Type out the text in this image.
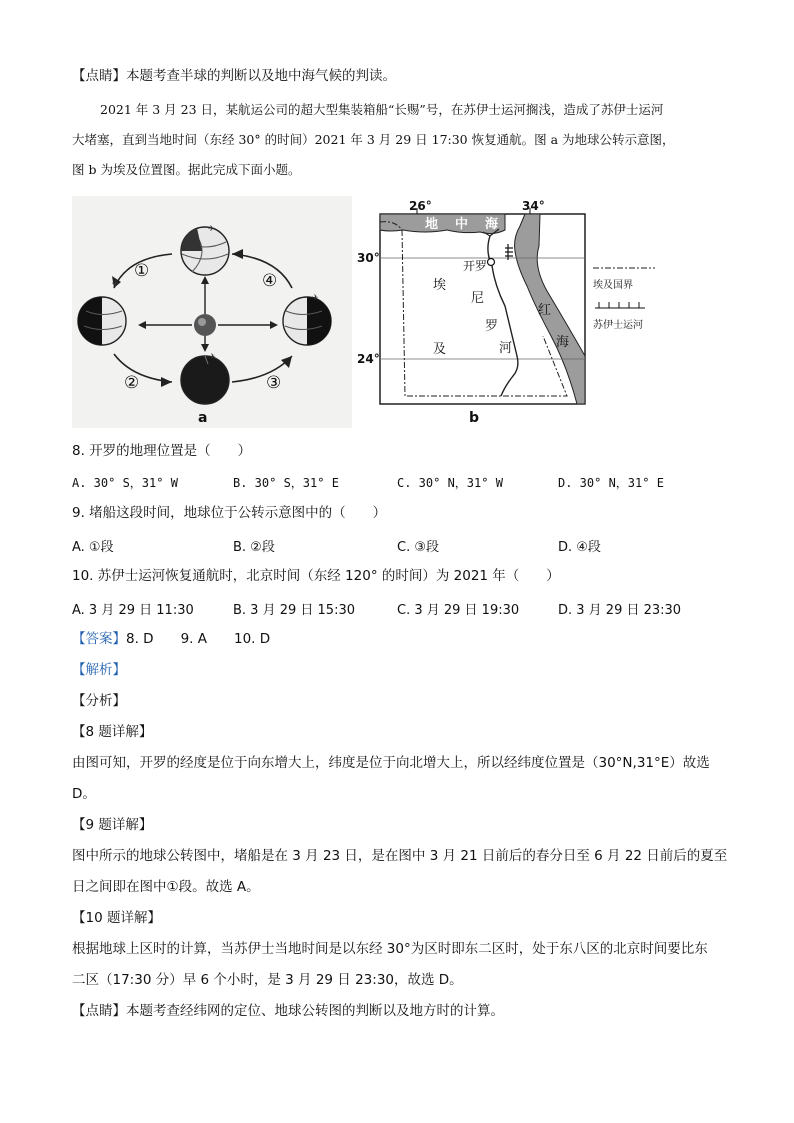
【点睛】本题考查半球的判断以及地中海气候的判读。
2021 年 3 月 23 日，某航运公司的超大型集装箱船“长赐”号，在苏伊士运河搁浅，造成了苏伊士运河
大堵塞，直到当地时间（东经 30° 的时间）2021 年 3 月 29 日 17:30 恢复通航。图 a 为地球公转示意图，
图 b 为埃及位置图。据此完成下面小题。
✈
✈
✈
✈
①
②	③
④
a
26°	34°
30°
24°
地 中 海
开罗
埃
及
尼
罗
河
红
海
b
埃及国界
苏伊士运河
8. 开罗的地理位置是（　　）
A. 30° S，31° W	B. 30° S，31° E	C. 30° N，31° W	D. 30° N，31° E
9. 堵船这段时间，地球位于公转示意图中的（　　）
A. ①段	B. ②段	C. ③段	D. ④段
10. 苏伊士运河恢复通航时，北京时间（东经 120° 的时间）为 2021 年（　　）
A. 3 月 29 日 11:30	B. 3 月 29 日 15:30	C. 3 月 29 日 19:30	D. 3 月 29 日 23:30
【答案】8. D　　9. A　　10. D
【解析】
【分析】
【8 题详解】
由图可知，开罗的经度是位于向东增大上，纬度是位于向北增大上，所以经纬度位置是（30°N,31°E）故选
D。
【9 题详解】
图中所示的地球公转图中，堵船是在 3 月 23 日，是在图中 3 月 21 日前后的春分日至 6 月 22 日前后的夏至
日之间即在图中①段。故选 A。
【10 题详解】
根据地球上区时的计算，当苏伊士当地时间是以东经 30°为区时即东二区时，处于东八区的北京时间要比东
二区（17:30 分）早 6 个小时，是 3 月 29 日 23:30，故选 D。
【点睛】本题考查经纬网的定位、地球公转图的判断以及地方时的计算。
